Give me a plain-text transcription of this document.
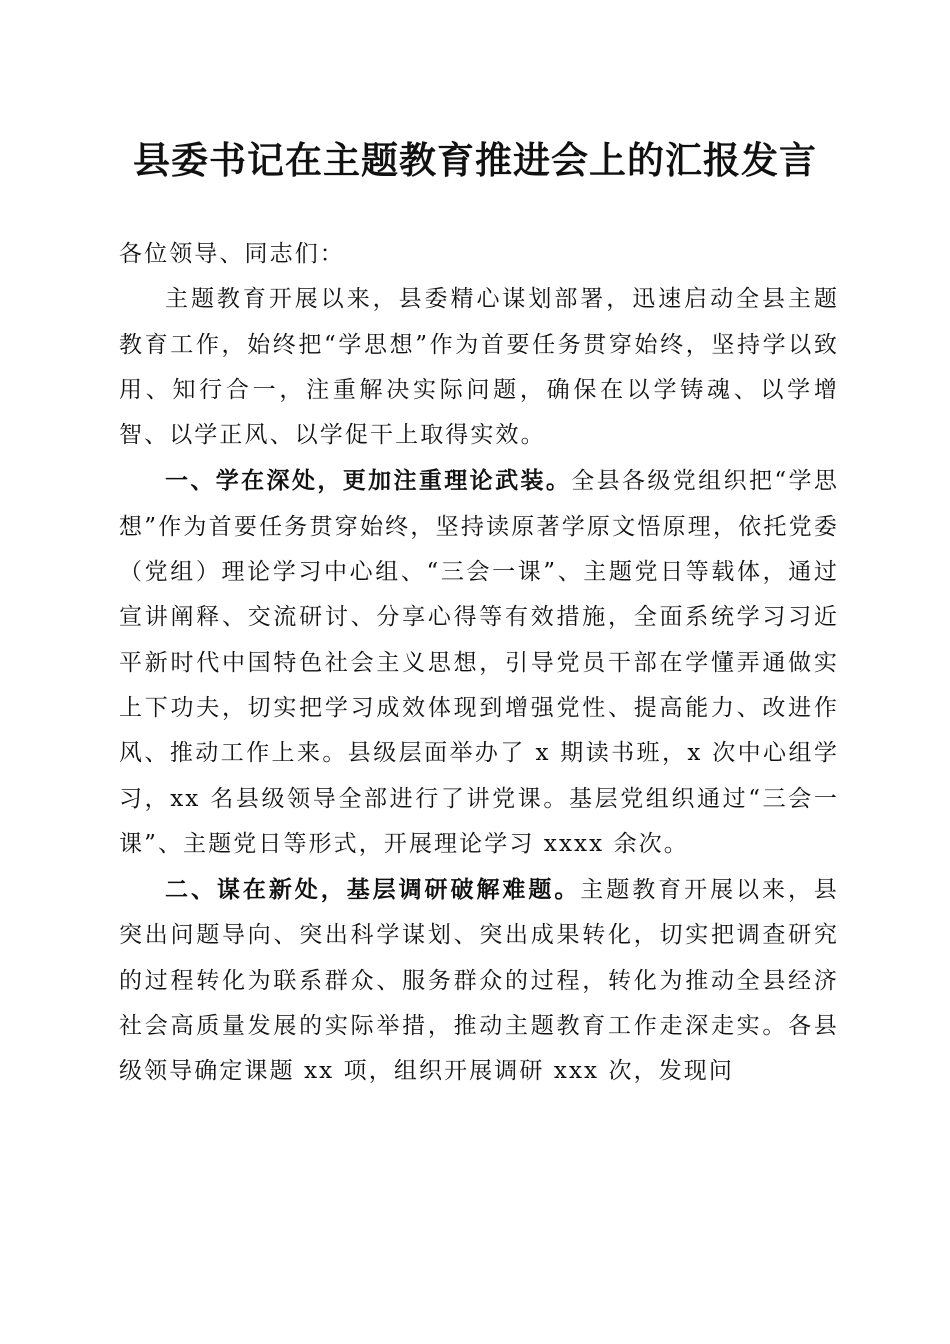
县委书记在主题教育推进会上的汇报发言

各位领导、同志们：

主题教育开展以来，县委精心谋划部署，迅速启动全县主题教育工作，始终把“学思想”作为首要任务贯穿始终，坚持学以致用、知行合一，注重解决实际问题，确保在以学铸魂、以学增智、以学正风、以学促干上取得实效。

一、学在深处，更加注重理论武装。全县各级党组织把“学思想”作为首要任务贯穿始终，坚持读原著学原文悟原理，依托党委（党组）理论学习中心组、“三会一课”、主题党日等载体，通过宣讲阐释、交流研讨、分享心得等有效措施，全面系统学习习近平新时代中国特色社会主义思想，引导党员干部在学懂弄通做实上下功夫，切实把学习成效体现到增强党性、提高能力、改进作风、推动工作上来。县级层面举办了 x 期读书班，x 次中心组学习，xx 名县级领导全部进行了讲党课。基层党组织通过“三会一课”、主题党日等形式，开展理论学习 xxxx 余次。

二、谋在新处，基层调研破解难题。主题教育开展以来，县突出问题导向、突出科学谋划、突出成果转化，切实把调查研究的过程转化为联系群众、服务群众的过程，转化为推动全县经济社会高质量发展的实际举措，推动主题教育工作走深走实。各县级领导确定课题 xx 项，组织开展调研 xxx 次，发现问
